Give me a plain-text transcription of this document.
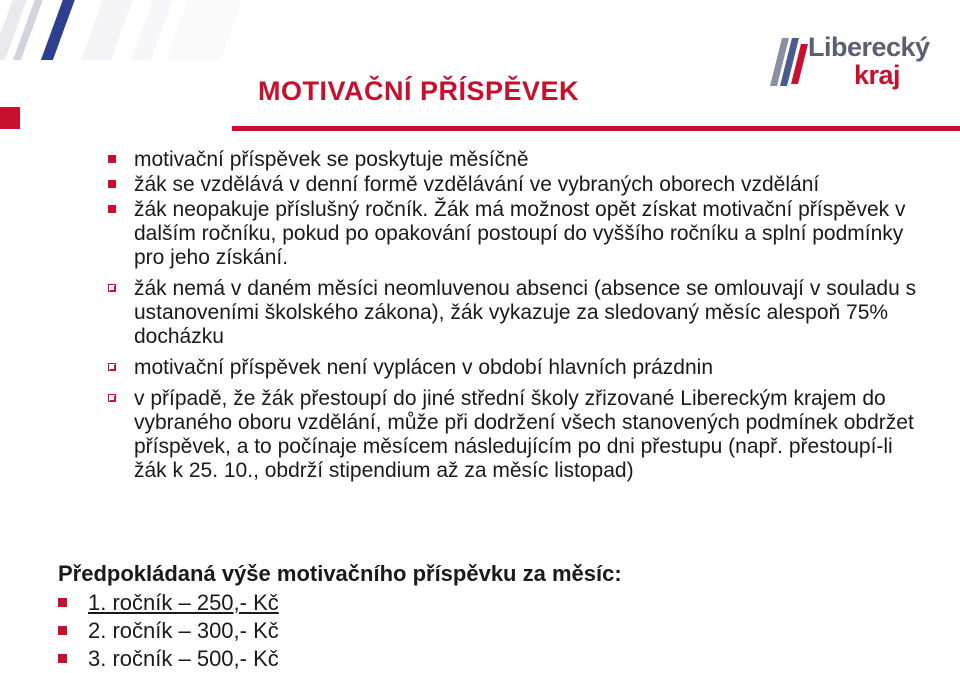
MOTIVAČNÍ PŘÍSPĚVEK
Liberecký
kraj
motivační příspěvek se poskytuje měsíčně
žák se vzdělává v denní formě vzdělávání ve vybraných oborech vzdělání
žák neopakuje příslušný ročník. Žák má možnost opět získat motivační příspěvek v dalším ročníku, pokud po opakování postoupí do vyššího ročníku a splní podmínky pro jeho získání.
žák nemá v daném měsíci neomluvenou absenci (absence se omlouvají v souladu s ustanoveními školského zákona), žák vykazuje za sledovaný měsíc alespoň 75% docházku
motivační příspěvek není vyplácen v období hlavních prázdnin
v případě, že žák přestoupí do jiné střední školy zřizované Libereckým krajem do vybraného oboru vzdělání, může při dodržení všech stanovených podmínek obdržet příspěvek, a to počínaje měsícem následujícím po dni přestupu (např. přestoupí-li žák k 25. 10., obdrží stipendium až za měsíc listopad)
Předpokládaná výše motivačního příspěvku za měsíc:
1. ročník – 250,- Kč
2. ročník – 300,- Kč
3. ročník – 500,- Kč
